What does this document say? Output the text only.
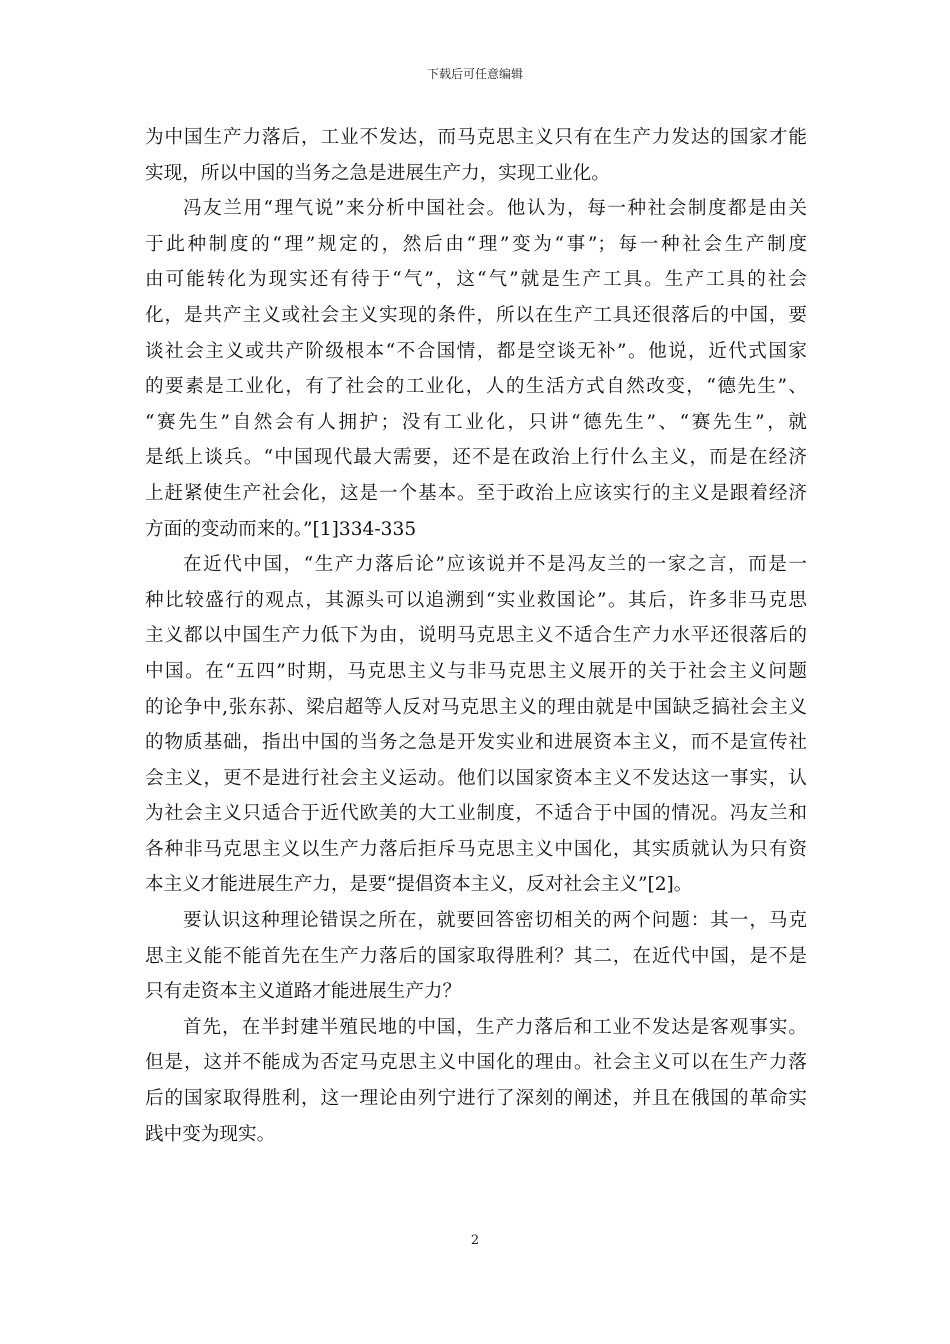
下载后可任意编辑
为中国生产力落后，工业不发达，而马克思主义只有在生产力发达的国家才能
实现，所以中国的当务之急是进展生产力，实现工业化。
冯友兰用“理气说”来分析中国社会。他认为，每一种社会制度都是由关
于此种制度的“理”规定的，然后由“理”变为“事”；每一种社会生产制度
由可能转化为现实还有待于“气”，这“气”就是生产工具。生产工具的社会
化，是共产主义或社会主义实现的条件，所以在生产工具还很落后的中国，要
谈社会主义或共产阶级根本“不合国情，都是空谈无补”。他说，近代式国家
的要素是工业化，有了社会的工业化，人的生活方式自然改变，“德先生”、
“赛先生”自然会有人拥护；没有工业化，只讲“德先生”、“赛先生”，就
是纸上谈兵。“中国现代最大需要，还不是在政治上行什么主义，而是在经济
上赶紧使生产社会化，这是一个基本。至于政治上应该实行的主义是跟着经济
方面的变动而来的。”[1]334-335
在近代中国，“生产力落后论”应该说并不是冯友兰的一家之言，而是一
种比较盛行的观点，其源头可以追溯到“实业救国论”。其后，许多非马克思
主义都以中国生产力低下为由，说明马克思主义不适合生产力水平还很落后的
中国。在“五四”时期，马克思主义与非马克思主义展开的关于社会主义问题
的论争中,张东荪、梁启超等人反对马克思主义的理由就是中国缺乏搞社会主义
的物质基础，指出中国的当务之急是开发实业和进展资本主义，而不是宣传社
会主义，更不是进行社会主义运动。他们以国家资本主义不发达这一事实，认
为社会主义只适合于近代欧美的大工业制度，不适合于中国的情况。冯友兰和
各种非马克思主义以生产力落后拒斥马克思主义中国化，其实质就认为只有资
本主义才能进展生产力，是要“提倡资本主义，反对社会主义”[2]。
要认识这种理论错误之所在，就要回答密切相关的两个问题：其一，马克
思主义能不能首先在生产力落后的国家取得胜利？其二，在近代中国，是不是
只有走资本主义道路才能进展生产力？
首先，在半封建半殖民地的中国，生产力落后和工业不发达是客观事实。
但是，这并不能成为否定马克思主义中国化的理由。社会主义可以在生产力落
后的国家取得胜利，这一理论由列宁进行了深刻的阐述，并且在俄国的革命实
践中变为现实。
2
